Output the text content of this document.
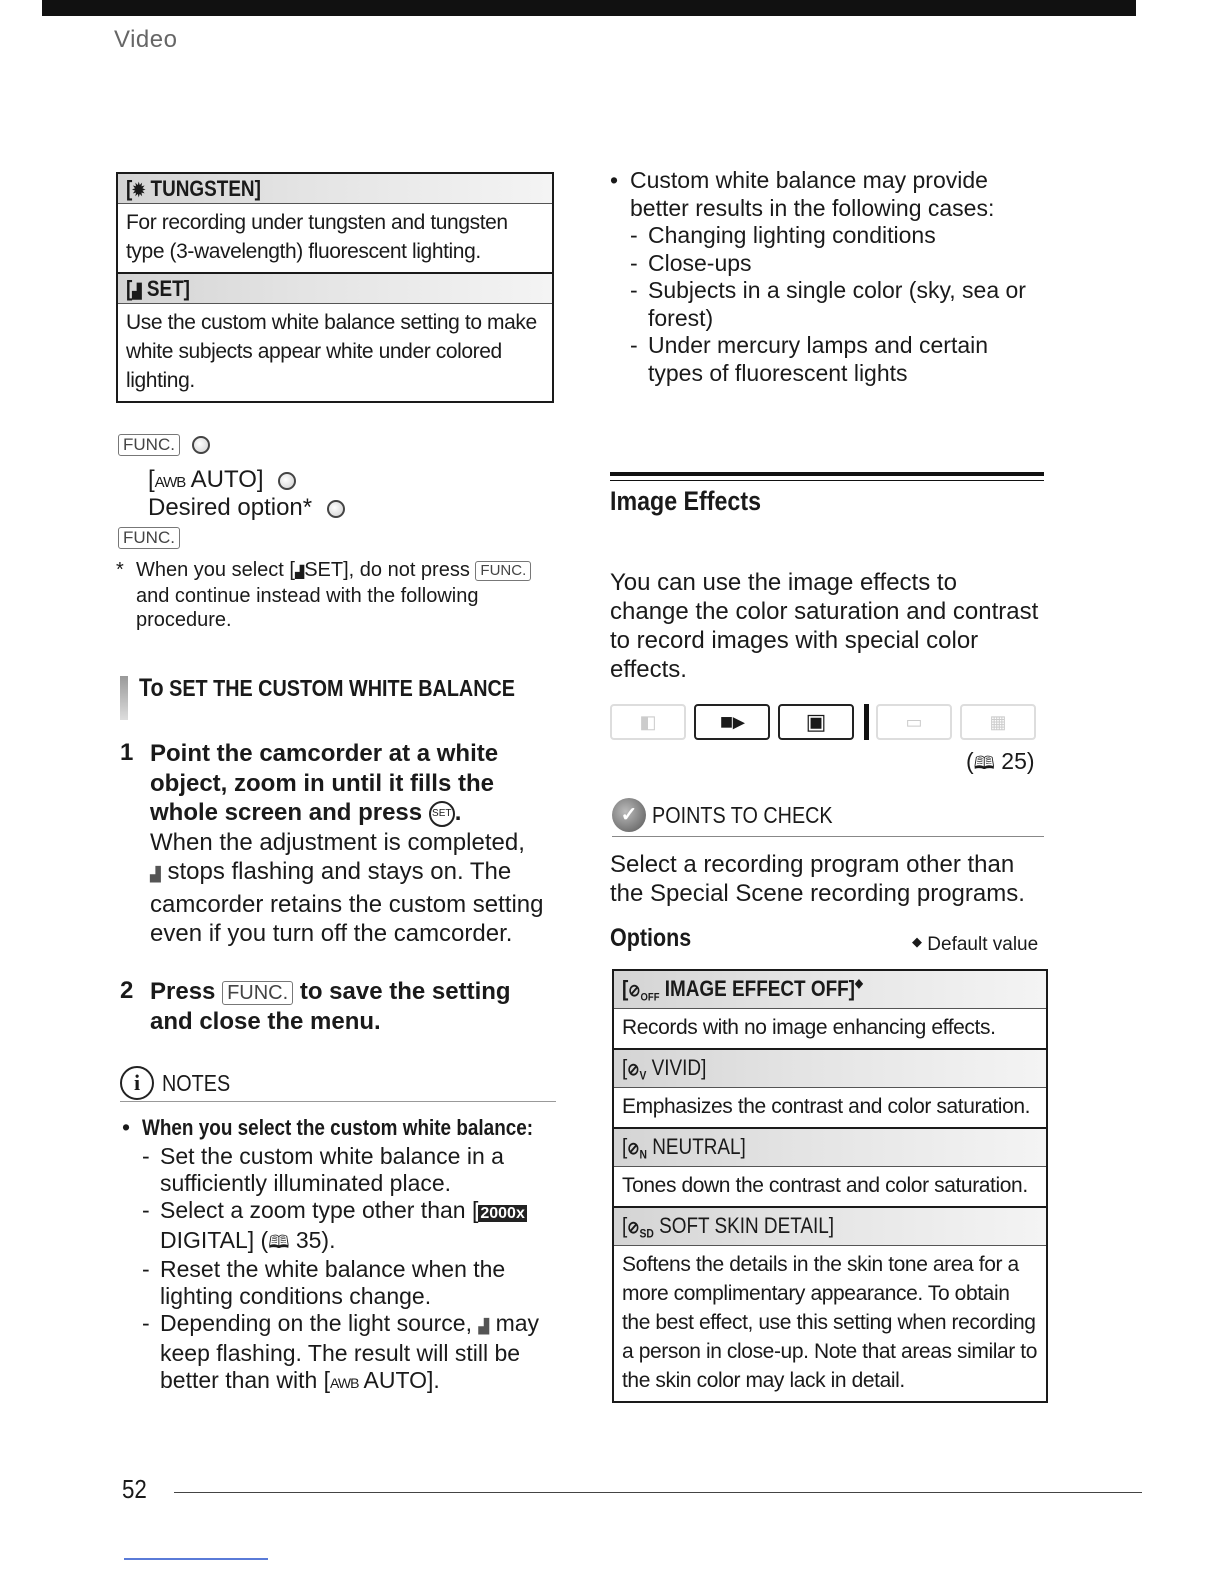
Video
[✹ TUNGSTEN]
For recording under tungsten and tungsten type (3-wavelength) fluorescent lighting.
[▟ SET]
Use the custom white balance setting to make white subjects appear white under colored lighting.
FUNC.
[AWB AUTO]
Desired option*
FUNC.
* When you select [▟SET], do not press FUNC. and continue instead with the following procedure.
To SET THE CUSTOM WHITE BALANCE
1 Point the camcorder at a white object, zoom in until it fills the whole screen and press SET .
When the adjustment is completed,
▟ stops flashing and stays on. The camcorder retains the custom setting even if you turn off the camcorder.
2 Press FUNC. to save the setting and close the menu.
i NOTES
• When you select the custom white balance:
- Set the custom white balance in a sufficiently illuminated place.
- Select a zoom type other than [ 2000x DIGITAL] (🕮 35).
- Reset the white balance when the lighting conditions change.
- Depending on the light source, ▟ may keep flashing. The result will still be better than with [AWB AUTO].
• Custom white balance may provide better results in the following cases:
- Changing lighting conditions
- Close-ups
- Subjects in a single color (sky, sea or forest)
- Under mercury lamps and certain types of fluorescent lights
Image Effects
You can use the image effects to change the color saturation and contrast to record images with special color effects.
◧	■▸	▣	▭	▦
(🕮 25)
✓ POINTS TO CHECK
Select a recording program other than the Special Scene recording programs.
Options	◆ Default value
[$⊘_{OFF}$ IMAGE EFFECT OFF]◆
Records with no image enhancing effects.
[$⊘_V$ VIVID]
Emphasizes the contrast and color saturation.
[$⊘_N$ NEUTRAL]
Tones down the contrast and color saturation.
[$⊘_{SD}$ SOFT SKIN DETAIL]
Softens the details in the skin tone area for a more complimentary appearance. To obtain the best effect, use this setting when recording a person in close-up. Note that areas similar to the skin color may lack in detail.
52
